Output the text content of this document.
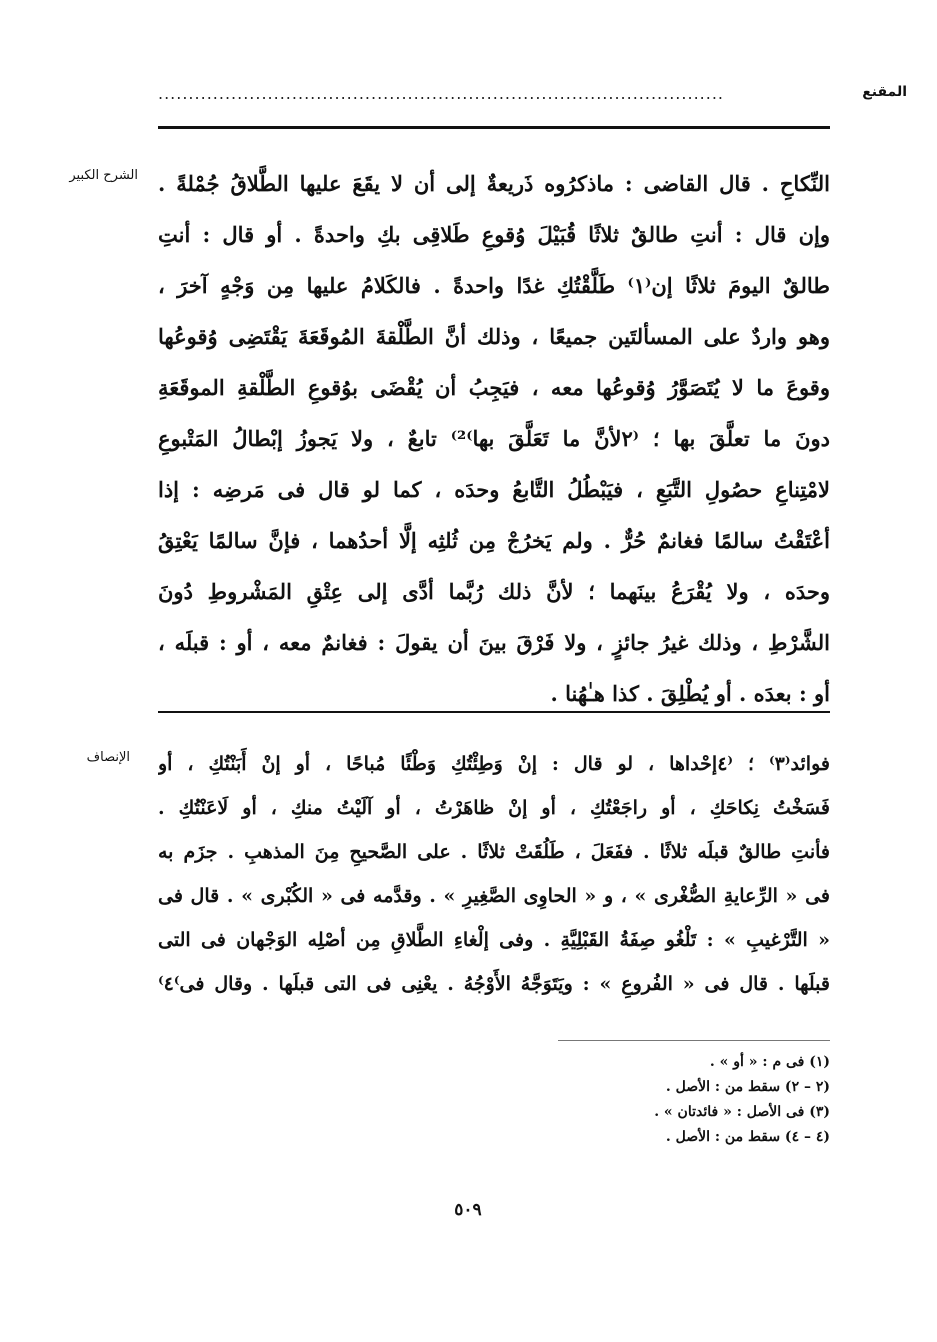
.............................................................................................	المقنع
الشرح الكبير النِّكاحِ . قال القاضى : ماذكرُوه ذَريعةٌ إلى أن لا يقَعَ عليها الطَّلاقُ جُمْلةً .
وإن قال : أنتِ طالقٌ ثلاثًا قُبَيْلَ وُقوعِ طَلاقِى بكِ واحدةً . أو قال : أنتِ
طالقٌ اليومَ ثلاثًا إن⁽١⁾ طَلَّقْتُكِ غدًا واحدةً . فالكَلامُ عليها مِن وَجْهٍ آخرَ ،
وهو واردٌ على المسألتَين جميعًا ، وذلك أنَّ الطَّلْقةَ المُوقَعَةَ يَقْتَضِى وُقوعُها
وقوعَ ما لا يُتَصَوَّرُ وُقوعُها معه ، فيَجِبُ أن يُقْضَى بوُقوعِ الطَّلْقةِ الموقَعَةِ
دونَ ما تعلَّقَ بها ؛ ⁽٢لأنَّ ما تَعَلَّقَ بها⁾²⁾ تابعٌ ، ولا يَجوزُ إبْطالُ المَتْبوعِ
لامْتِناعِ حصُولِ التَّبَعِ ، فيَبْطُلُ التَّابعُ وحدَه ، كما لو قال فى مَرضِه : إذا
أعْتَقْتُ سالمًا فغانمٌ حُرٌّ . ولم يَخرُجْ مِن ثُلثِه إلَّا أحدُهما ، فإنَّ سالمًا يَعْتِقُ
وحدَه ، ولا يُقْرَعُ بينَهما ؛ لأنَّ ذلك رُبَّما أدَّى إلى عِتْقِ المَشْروطِ دُونَ
الشَّرْطِ ، وذلك غيرُ جائزٍ ، ولا فَرْقَ بينَ أن يقولَ : فغانمٌ معه ، أو : قبلَه ،
أو : بعدَه . أو يُطْلِقَ . كذا هـٰهُنا .
الإنصاف فوائد⁽٣⁾ ؛ ⁽٤إحْداها ، لو قال : إنْ وَطِئْتُكِ وَطْئًا مُباحًا ، أو إنْ أَبَنْتُكِ ، أو
فَسَخْتُ نِكاحَكِ ، أو راجَعْتُكِ ، أو إنْ ظاهَرْتُ ، أو آلَيْتُ منكِ ، أو لَاعَنْتُكِ .
فأنتِ طالقٌ قبلَه ثلاثًا . ففَعَلَ ، طَلُقَتْ ثلاثًا . على الصَّحيحِ مِنَ المذهبِ . جزَم به
فى « الرِّعايةِ الصُّغْرى » ، و « الحاوِى الصَّغِيرِ » . وقدَّمه فى « الكُبْرى » . قال فى
« التَّرْغيبِ » : تَلْغُو صِفَةُ القَبْلِيَّةِ . وفى إلْغاءِ الطَّلاقِ مِن أصْلِه الوَجْهان فى التى
قبلَها . قال فى « الفُروعِ » : ويَتَوَجَّهُ الأَوْجُهُ . يعْنِى فى التى قبلَها . وقال فى⁾٤⁾
(١) فى م : « أو » .
(٢ – ٢) سقط من : الأصل .
(٣) فى الأصل : « فائدتان » .
(٤ – ٤) سقط من : الأصل .
٥٠٩
